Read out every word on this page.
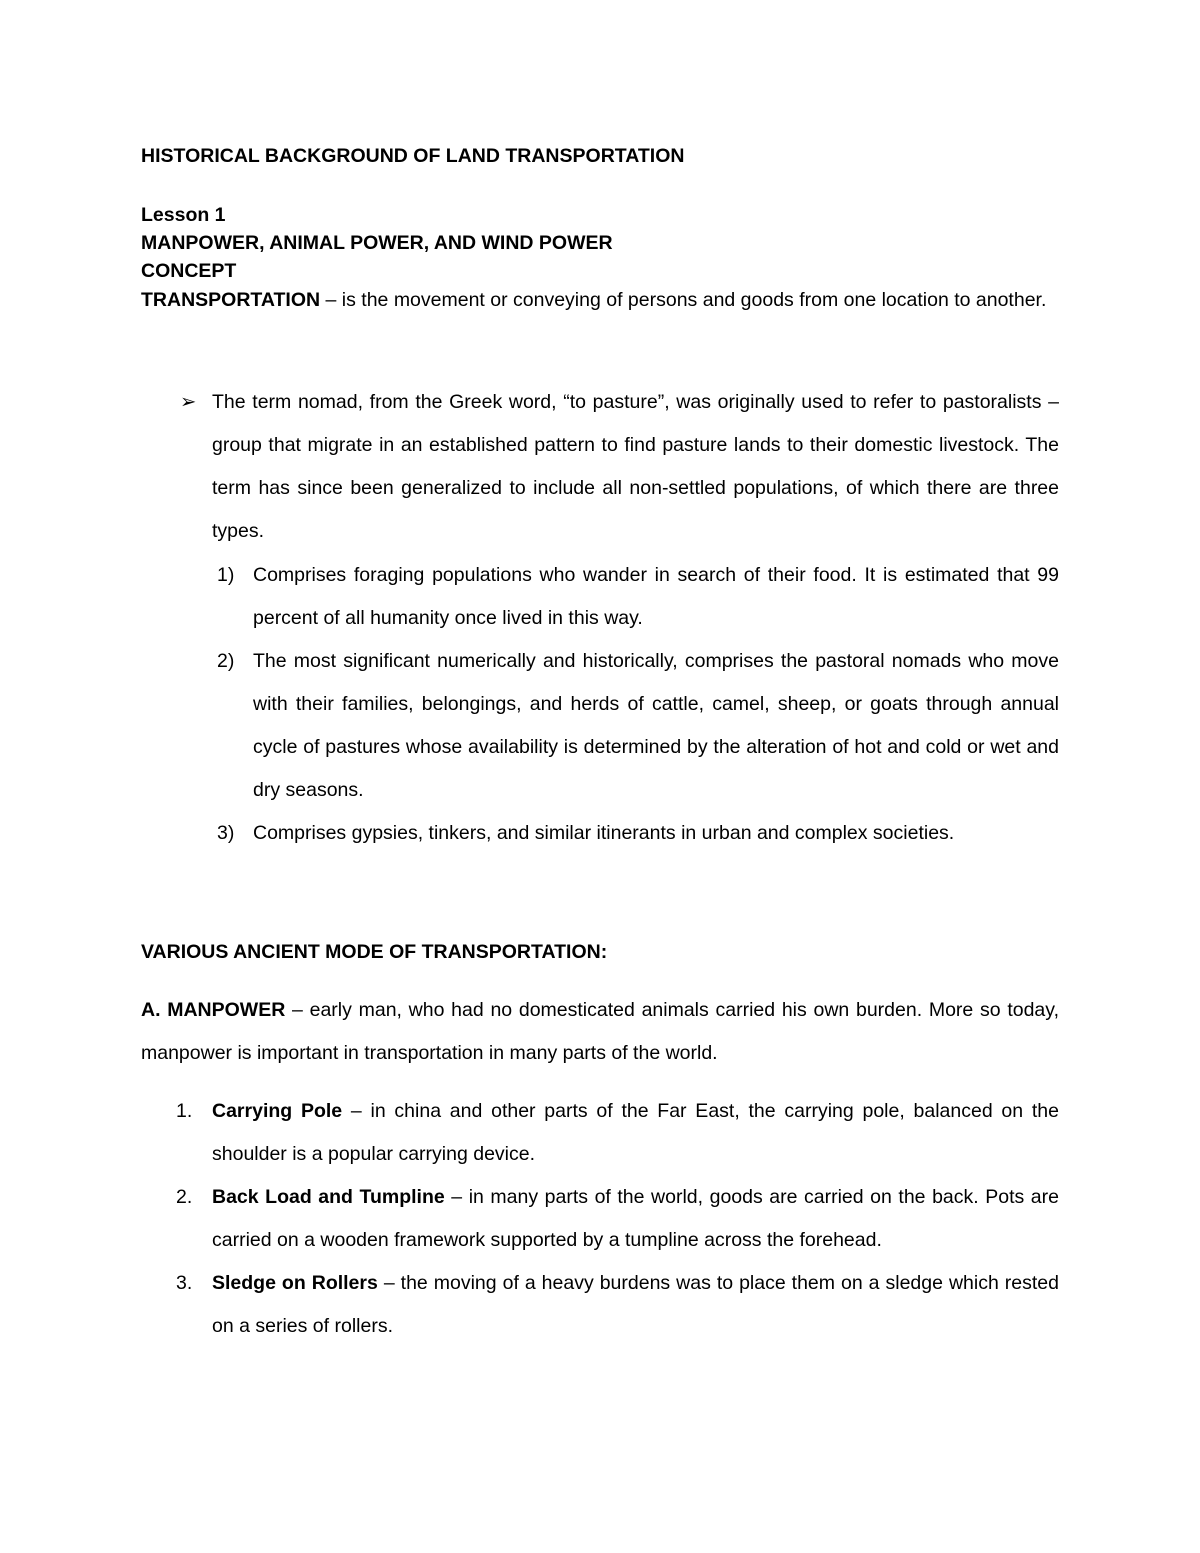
HISTORICAL BACKGROUND OF LAND TRANSPORTATION
Lesson 1
MANPOWER, ANIMAL POWER, AND WIND POWER
CONCEPT
TRANSPORTATION – is the movement or conveying of persons and goods from one location to another.
➢ The term nomad, from the Greek word, “to pasture”, was originally used to refer to pastoralists – group that migrate in an established pattern to find pasture lands to their domestic livestock. The term has since been generalized to include all non-settled populations, of which there are three types.
1) Comprises foraging populations who wander in search of their food. It is estimated that 99 percent of all humanity once lived in this way.
2) The most significant numerically and historically, comprises the pastoral nomads who move with their families, belongings, and herds of cattle, camel, sheep, or goats through annual cycle of pastures whose availability is determined by the alteration of hot and cold or wet and dry seasons.
3) Comprises gypsies, tinkers, and similar itinerants in urban and complex societies.
VARIOUS ANCIENT MODE OF TRANSPORTATION:
A. MANPOWER – early man, who had no domesticated animals carried his own burden. More so today, manpower is important in transportation in many parts of the world.
1. Carrying Pole – in china and other parts of the Far East, the carrying pole, balanced on the shoulder is a popular carrying device.
2. Back Load and Tumpline – in many parts of the world, goods are carried on the back. Pots are carried on a wooden framework supported by a tumpline across the forehead.
3. Sledge on Rollers – the moving of a heavy burdens was to place them on a sledge which rested on a series of rollers.
